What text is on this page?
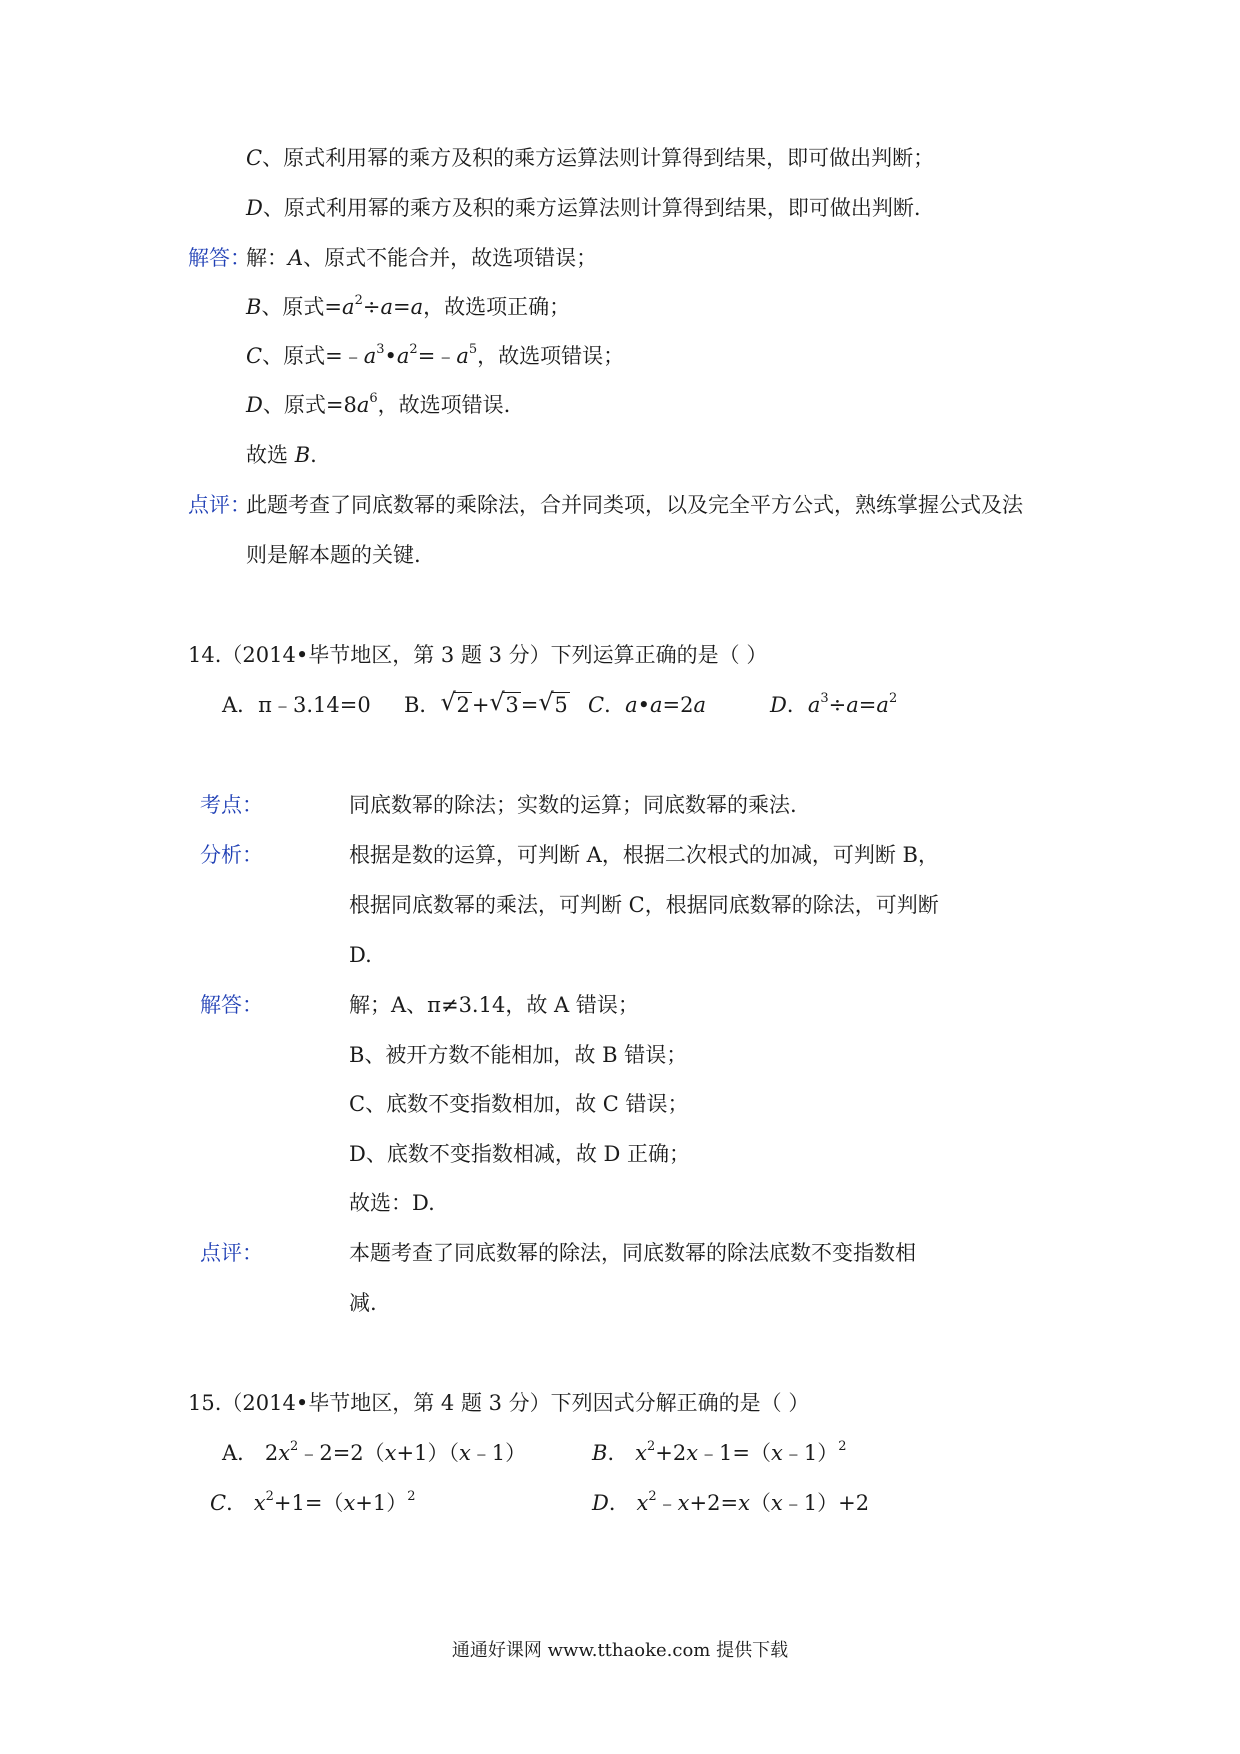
C、原式利用幂的乘方及积的乘方运算法则计算得到结果，即可做出判断；
D、原式利用幂的乘方及积的乘方运算法则计算得到结果，即可做出判断.
解答：
解：A、原式不能合并，故选项错误；
B、原式$=a^2\div a=a$，故选项正确；
C、原式$=﹣a^3•a^2=﹣a^5$，故选项错误；
D、原式$=8a^6$，故选项错误.
故选 B.
点评：
此题考查了同底数幂的乘除法，合并同类项，以及完全平方公式，熟练掌握公式及法
则是解本题的关键.
14.（2014•毕节地区，第 3 题 3 分）下列运算正确的是（ ）
A．π﹣3.14=0 B． √ 2+ √ 3= √ 5 C．a•a=2a	D．$a^3\div a=a^2$
考点：	同底数幂的除法；实数的运算；同底数幂的乘法.
分析：	根据是数的运算，可判断 A，根据二次根式的加减，可判断 B，
根据同底数幂的乘法，可判断 C，根据同底数幂的除法，可判断
D.
解答：	解；A、π≠3.14，故 A 错误；
B、被开方数不能相加，故 B 错误；
C、底数不变指数相加，故 C 错误；
D、底数不变指数相减，故 D 正确；
故选：D.
点评：	本题考查了同底数幂的除法，同底数幂的除法底数不变指数相
减.
15.（2014•毕节地区，第 4 题 3 分）下列因式分解正确的是（ ）
A． $2x^2﹣2=2(x+1)(x﹣1)$	B． $x^2+2x﹣1=(x﹣1)^2$
C． $x^2+1=(x+1)^2$	D． $x^2﹣x+2=x(x﹣1)+2$
通通好课网 www.tthaoke.com 提供下载
